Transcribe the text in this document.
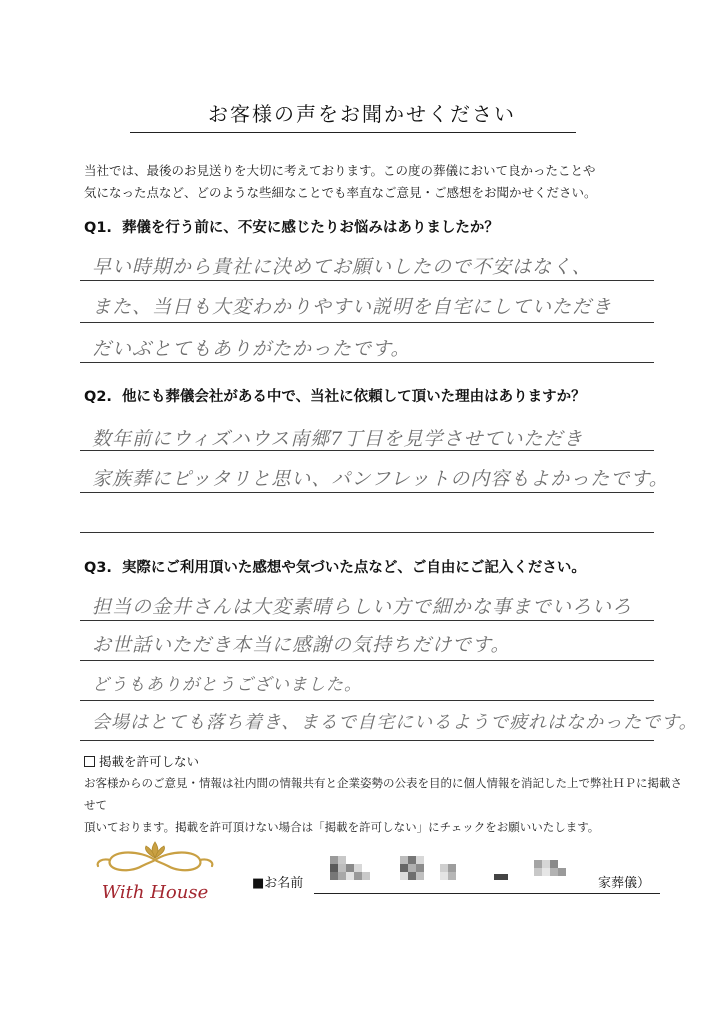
お客様の声をお聞かせください
当社では、最後のお見送りを大切に考えております。この度の葬儀において良かったことや
気になった点など、どのような些細なことでも率直なご意見・ご感想をお聞かせください。
Q1. 葬儀を行う前に、不安に感じたりお悩みはありましたか？
早い時期から貴社に決めてお願いしたので不安はなく、
また、当日も大変わかりやすい説明を自宅にしていただき
だいぶとてもありがたかったです。
Q2. 他にも葬儀会社がある中で、当社に依頼して頂いた理由はありますか？
数年前にウィズハウス南郷7丁目を見学させていただき
家族葬にピッタリと思い、パンフレットの内容もよかったです。
Q3. 実際にご利用頂いた感想や気づいた点など、ご自由にご記入ください。
担当の金井さんは大変素晴らしい方で細かな事までいろいろ
お世話いただき本当に感謝の気持ちだけです。
どうもありがとうございました。
会場はとても落ち着き、まるで自宅にいるようで疲れはなかったです。
掲載を許可しない
お客様からのご意見・情報は社内間の情報共有と企業姿勢の公表を目的に個人情報を消記した上で弊社ＨＰに掲載させて
頂いております。掲載を許可頂けない場合は「掲載を許可しない」にチェックをお願いいたします。
With House	■お名前	家葬儀）
